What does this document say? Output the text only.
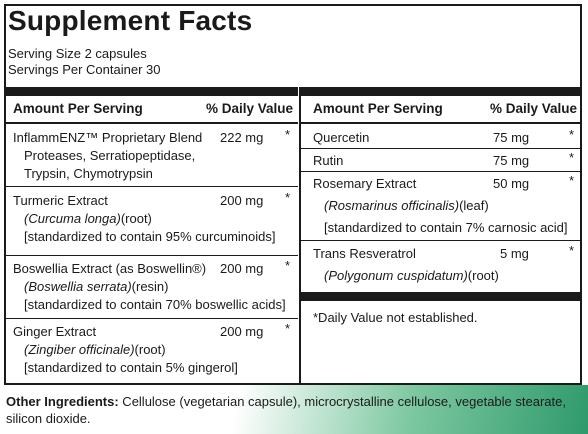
Supplement Facts
Serving Size 2 capsules
Servings Per Container 30
Amount Per Serving	% Daily Value Amount Per Serving	% Daily Value
InflammENZ™ Proprietary Blend 222 mg *
Proteases, Serratiopeptidase,
Trypsin, Chymotrypsin
Turmeric Extract	200 mg *
(Curcuma longa)(root)
[standardized to contain 95% curcuminoids]
Boswellia Extract (as Boswellin®) 200 mg *
(Boswellia serrata)(resin)
[standardized to contain 70% boswellic acids]
Ginger Extract	200 mg *
(Zingiber officinale)(root)
[standardized to contain 5% gingerol]
Quercetin	75 mg	*
Rutin	75 mg	*
Rosemary Extract	50 mg	*
(Rosmarinus officinalis)(leaf)
[standardized to contain 7% carnosic acid]
Trans Resveratrol	5 mg	*
(Polygonum cuspidatum)(root)
*Daily Value not established.
Other Ingredients: Cellulose (vegetarian capsule), microcrystalline cellulose, vegetable stearate, silicon dioxide.
